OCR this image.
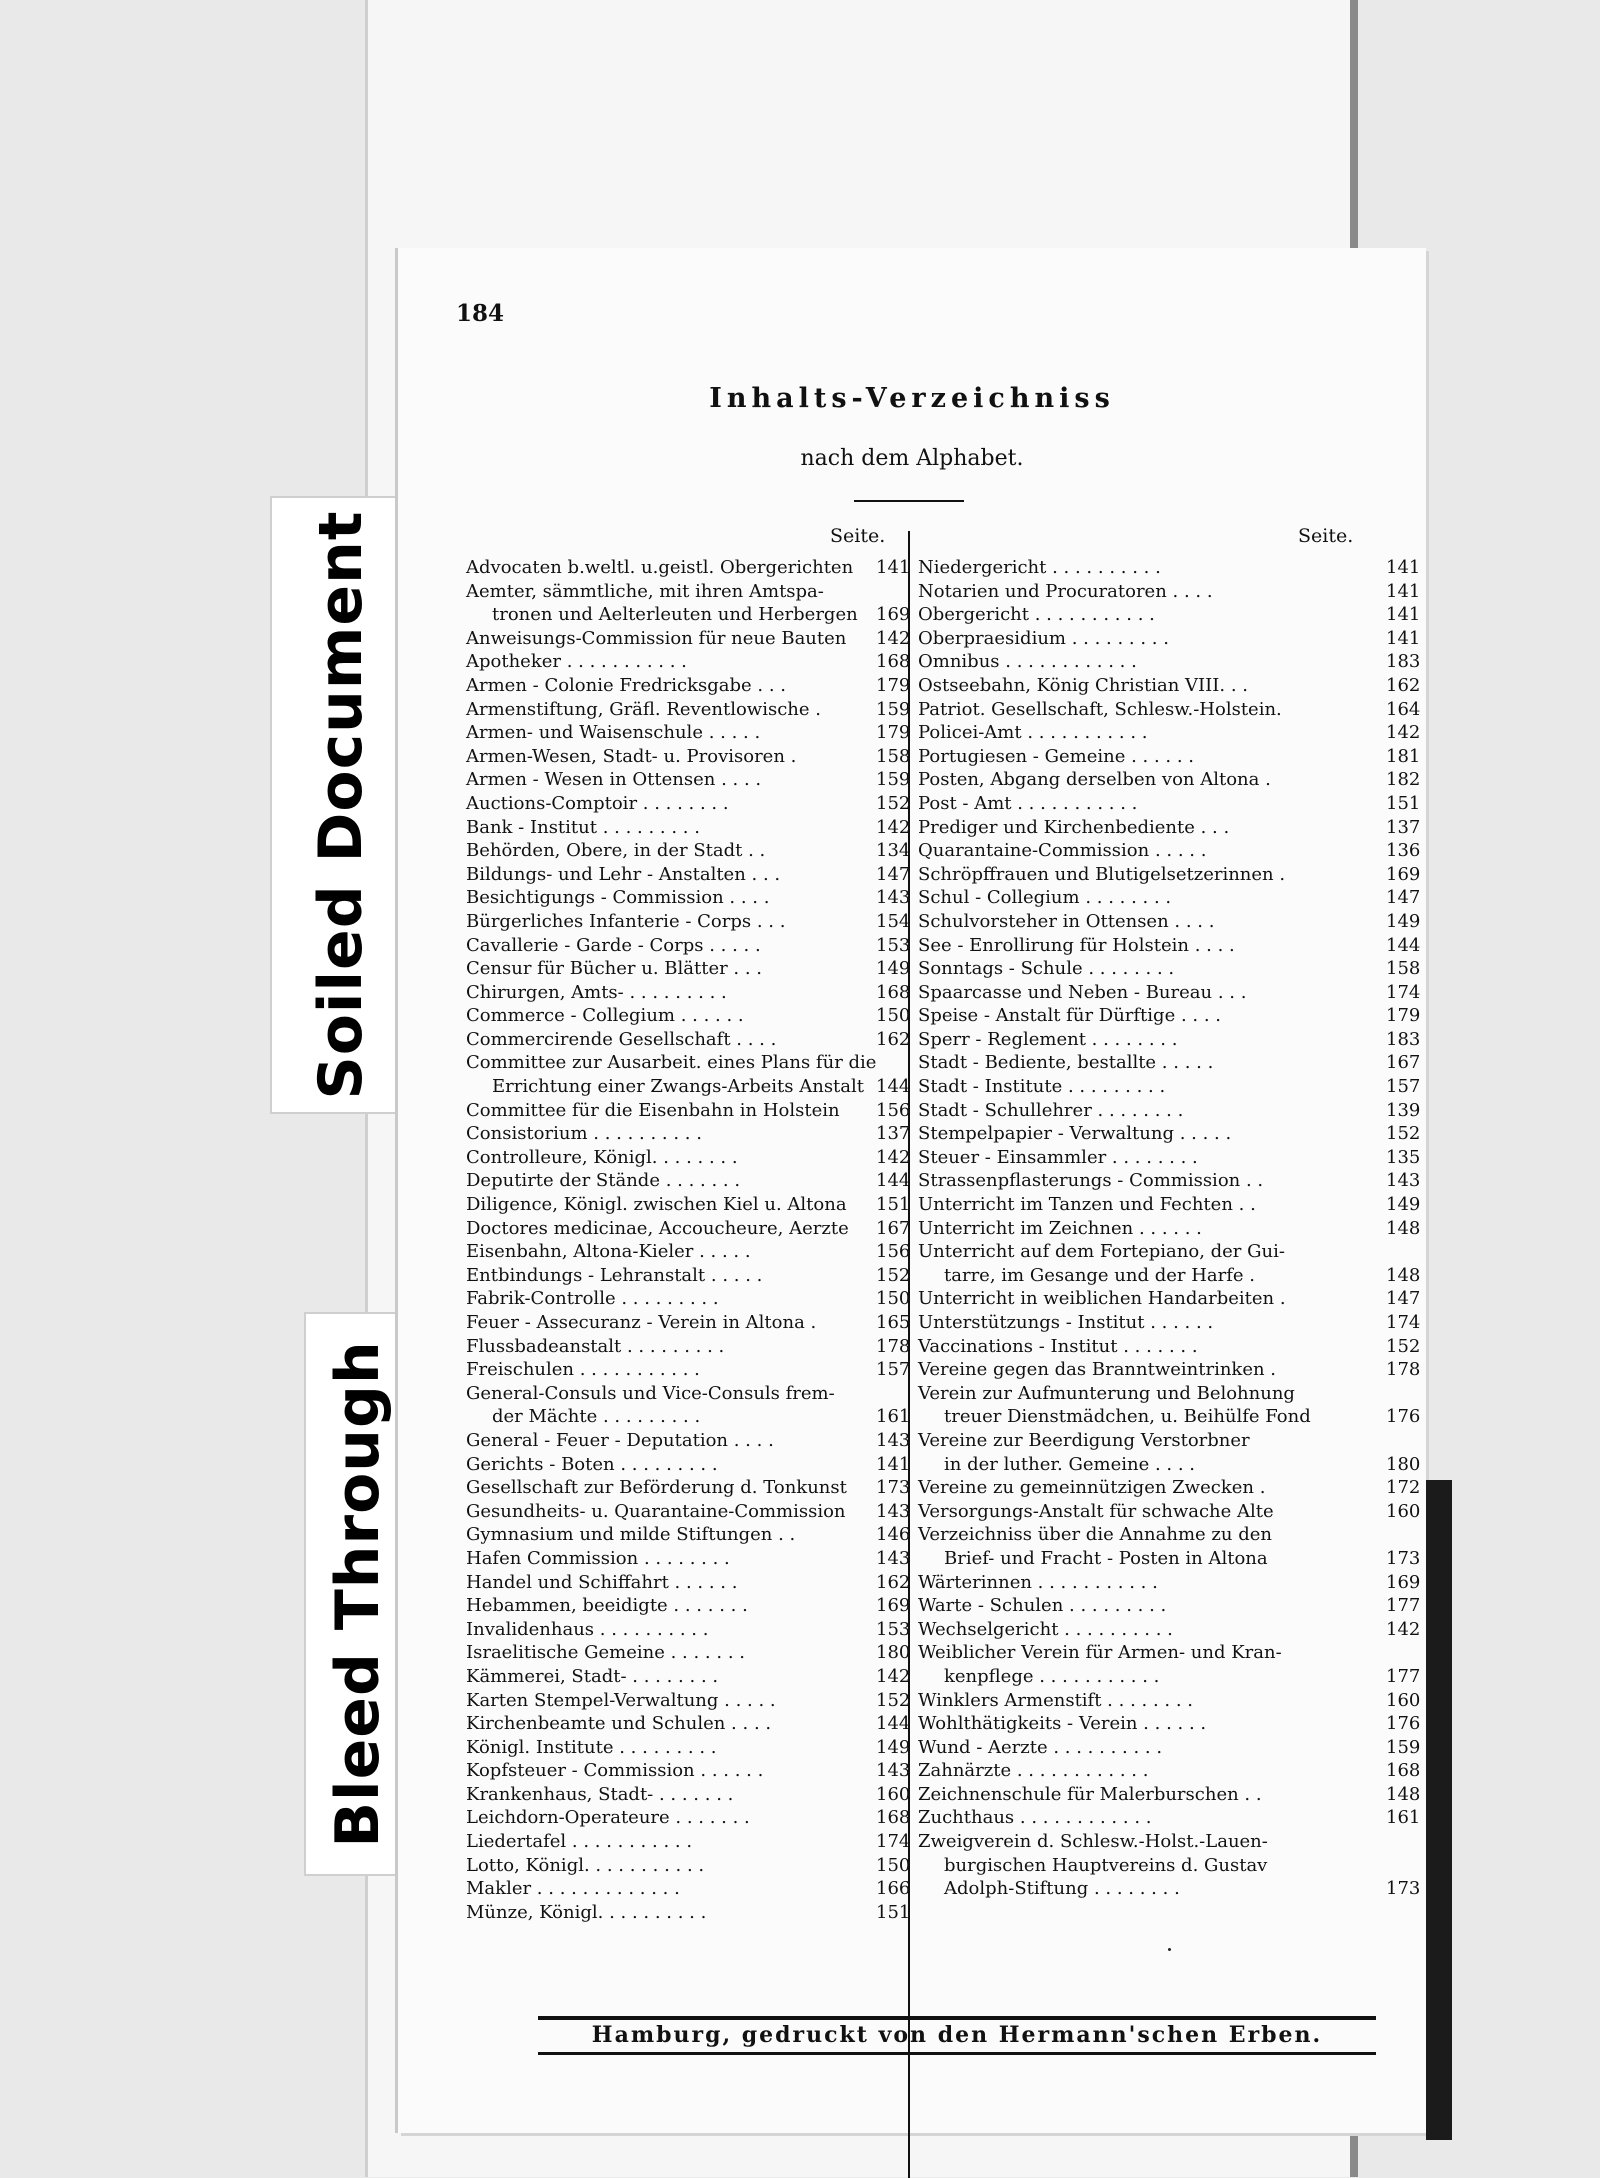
Soiled Document
Bleed Through
184
Inhalts-Verzeichniss
nach dem Alphabet.
Seite.	Seite.
Advocaten b.weltl. u.geistl. Obergerichten 141
Aemter, sämmtliche, mit ihren Amtspa-
tronen und Aelterleuten und Herbergen 169
Anweisungs-Commission für neue Bauten 142
Apotheker . . . . . . . . . . .	168
Armen - Colonie Fredricksgabe . . .	179
Armenstiftung, Gräfl. Reventlowische .	159
Armen- und Waisenschule . . . . .	179
Armen-Wesen, Stadt- u. Provisoren .	158
Armen - Wesen in Ottensen . . . .	159
Auctions-Comptoir . . . . . . . .	152
Bank - Institut . . . . . . . . .	142
Behörden, Obere, in der Stadt . .	134
Bildungs- und Lehr - Anstalten . . .	147
Besichtigungs - Commission . . . .	143
Bürgerliches Infanterie - Corps . . .	154
Cavallerie - Garde - Corps . . . . .	153
Censur für Bücher u. Blätter . . .	149
Chirurgen, Amts- . . . . . . . . .	168
Commerce - Collegium . . . . . .	150
Commercirende Gesellschaft . . . .	162
Committee zur Ausarbeit. eines Plans für die
Errichtung einer Zwangs-Arbeits Anstalt 144
Committee für die Eisenbahn in Holstein 156
Consistorium . . . . . . . . . .	137
Controlleure, Königl. . . . . . . .	142
Deputirte der Stände . . . . . . .	144
Diligence, Königl. zwischen Kiel u. Altona 151
Doctores medicinae, Accoucheure, Aerzte 167
Eisenbahn, Altona-Kieler . . . . .	156
Entbindungs - Lehranstalt . . . . .	152
Fabrik-Controlle . . . . . . . . .	150
Feuer - Assecuranz - Verein in Altona .	165
Flussbadeanstalt . . . . . . . . .	178
Freischulen . . . . . . . . . . .	157
General-Consuls und Vice-Consuls frem-
der Mächte . . . . . . . . .	161
General - Feuer - Deputation . . . .	143
Gerichts - Boten . . . . . . . . .	141
Gesellschaft zur Beförderung d. Tonkunst 173
Gesundheits- u. Quarantaine-Commission 143
Gymnasium und milde Stiftungen . .	146
Hafen Commission . . . . . . . .	143
Handel und Schiffahrt . . . . . .	162
Hebammen, beeidigte . . . . . . .	169
Invalidenhaus . . . . . . . . . .	153
Israelitische Gemeine . . . . . . .	180
Kämmerei, Stadt- . . . . . . . .	142
Karten Stempel-Verwaltung . . . . .	152
Kirchenbeamte und Schulen . . . .	144
Königl. Institute . . . . . . . . .	149
Kopfsteuer - Commission . . . . . .	143
Krankenhaus, Stadt- . . . . . . .	160
Leichdorn-Operateure . . . . . . .	168
Liedertafel . . . . . . . . . . .	174
Lotto, Königl. . . . . . . . . . .	150
Makler . . . . . . . . . . . . .	166
Münze, Königl. . . . . . . . . .	151
Niedergericht . . . . . . . . . .	141
Notarien und Procuratoren . . . .	141
Obergericht . . . . . . . . . . .	141
Oberpraesidium . . . . . . . . .	141
Omnibus . . . . . . . . . . . .	183
Ostseebahn, König Christian VIII. . .	162
Patriot. Gesellschaft, Schlesw.-Holstein.	164
Policei-Amt . . . . . . . . . . .	142
Portugiesen - Gemeine . . . . . .	181
Posten, Abgang derselben von Altona .	182
Post - Amt . . . . . . . . . . .	151
Prediger und Kirchenbediente . . .	137
Quarantaine-Commission . . . . .	136
Schröpffrauen und Blutigelsetzerinnen .	169
Schul - Collegium . . . . . . . .	147
Schulvorsteher in Ottensen . . . .	149
See - Enrollirung für Holstein . . . .	144
Sonntags - Schule . . . . . . . .	158
Spaarcasse und Neben - Bureau . . .	174
Speise - Anstalt für Dürftige . . . .	179
Sperr - Reglement . . . . . . . .	183
Stadt - Bediente, bestallte . . . . .	167
Stadt - Institute . . . . . . . . .	157
Stadt - Schullehrer . . . . . . . .	139
Stempelpapier - Verwaltung . . . . .	152
Steuer - Einsammler . . . . . . . .	135
Strassenpflasterungs - Commission . .	143
Unterricht im Tanzen und Fechten . .	149
Unterricht im Zeichnen . . . . . .	148
Unterricht auf dem Fortepiano, der Gui-
tarre, im Gesange und der Harfe .	148
Unterricht in weiblichen Handarbeiten .	147
Unterstützungs - Institut . . . . . .	174
Vaccinations - Institut . . . . . . .	152
Vereine gegen das Branntweintrinken .	178
Verein zur Aufmunterung und Belohnung
treuer Dienstmädchen, u. Beihülfe Fond	176
Vereine zur Beerdigung Verstorbner
in der luther. Gemeine . . . .	180
Vereine zu gemeinnützigen Zwecken .	172
Versorgungs-Anstalt für schwache Alte	160
Verzeichniss über die Annahme zu den
Brief- und Fracht - Posten in Altona	173
Wärterinnen . . . . . . . . . . .	169
Warte - Schulen . . . . . . . . .	177
Wechselgericht . . . . . . . . . .	142
Weiblicher Verein für Armen- und Kran-
kenpflege . . . . . . . . . . .	177
Winklers Armenstift . . . . . . . .	160
Wohlthätigkeits - Verein . . . . . .	176
Wund - Aerzte . . . . . . . . . .	159
Zahnärzte . . . . . . . . . . . .	168
Zeichnenschule für Malerburschen . .	148
Zuchthaus . . . . . . . . . . . .	161
Zweigverein d. Schlesw.-Holst.-Lauen-
burgischen Hauptvereins d. Gustav
Adolph-Stiftung . . . . . . . .	173
Hamburg, gedruckt von den Hermann'schen Erben.
